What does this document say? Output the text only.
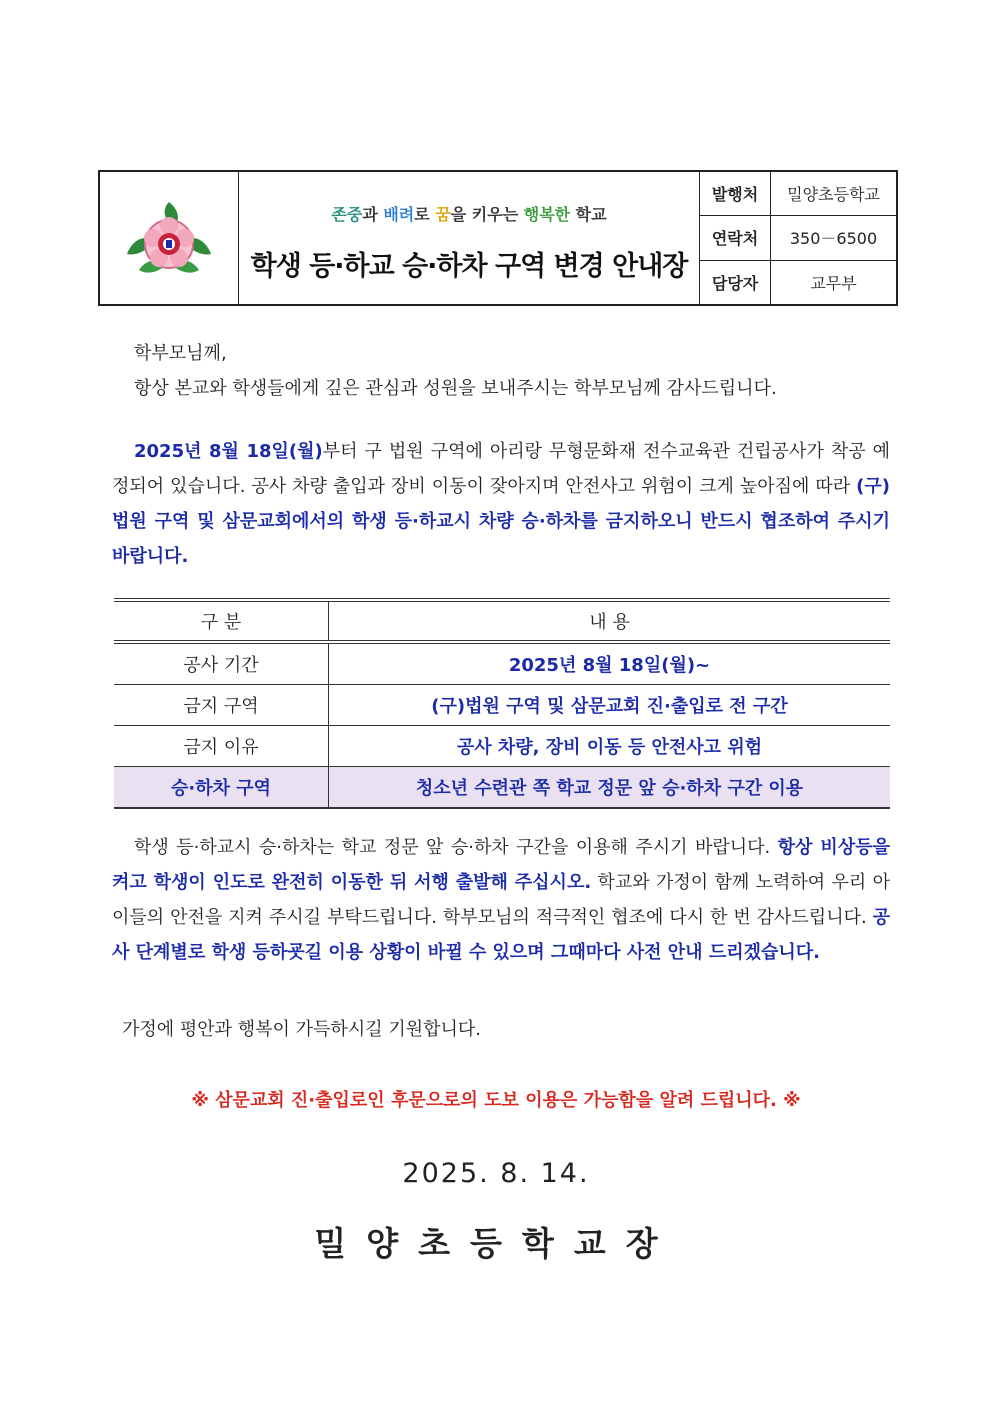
존중과 배려로 꿈을 키우는 행복한 학교
학생 등·하교 승·하차 구역 변경 안내장
발행처	밀양초등학교
연락처	350－6500
담당자	교무부
학부모님께,
항상 본교와 학생들에게 깊은 관심과 성원을 보내주시는 학부모님께 감사드립니다.
2025년 8월 18일(월)부터 구 법원 구역에 아리랑 무형문화재 전수교육관 건립공사가 착공 예정되어 있습니다. 공사 차량 출입과 장비 이동이 잦아지며 안전사고 위험이 크게 높아짐에 따라 (구)법원 구역 및 삼문교회에서의 학생 등·하교시 차량 승·하차를 금지하오니 반드시 협조하여 주시기 바랍니다.
구 분	내 용
공사 기간	2025년 8월 18일(월)~
금지 구역	(구)법원 구역 및 삼문교회 진·출입로 전 구간
금지 이유	공사 차량, 장비 이동 등 안전사고 위험
승·하차 구역	청소년 수련관 쪽 학교 정문 앞 승·하차 구간 이용
학생 등·하교시 승·하차는 학교 정문 앞 승·하차 구간을 이용해 주시기 바랍니다. 항상 비상등을 켜고 학생이 인도로 완전히 이동한 뒤 서행 출발해 주십시오. 학교와 가정이 함께 노력하여 우리 아이들의 안전을 지켜 주시길 부탁드립니다. 학부모님의 적극적인 협조에 다시 한 번 감사드립니다. 공사 단계별로 학생 등하굣길 이용 상황이 바뀔 수 있으며 그때마다 사전 안내 드리겠습니다.
가정에 평안과 행복이 가득하시길 기원합니다.
※ 삼문교회 진·출입로인 후문으로의 도보 이용은 가능함을 알려 드립니다. ※
2025. 8. 14.
밀양초등학교장
